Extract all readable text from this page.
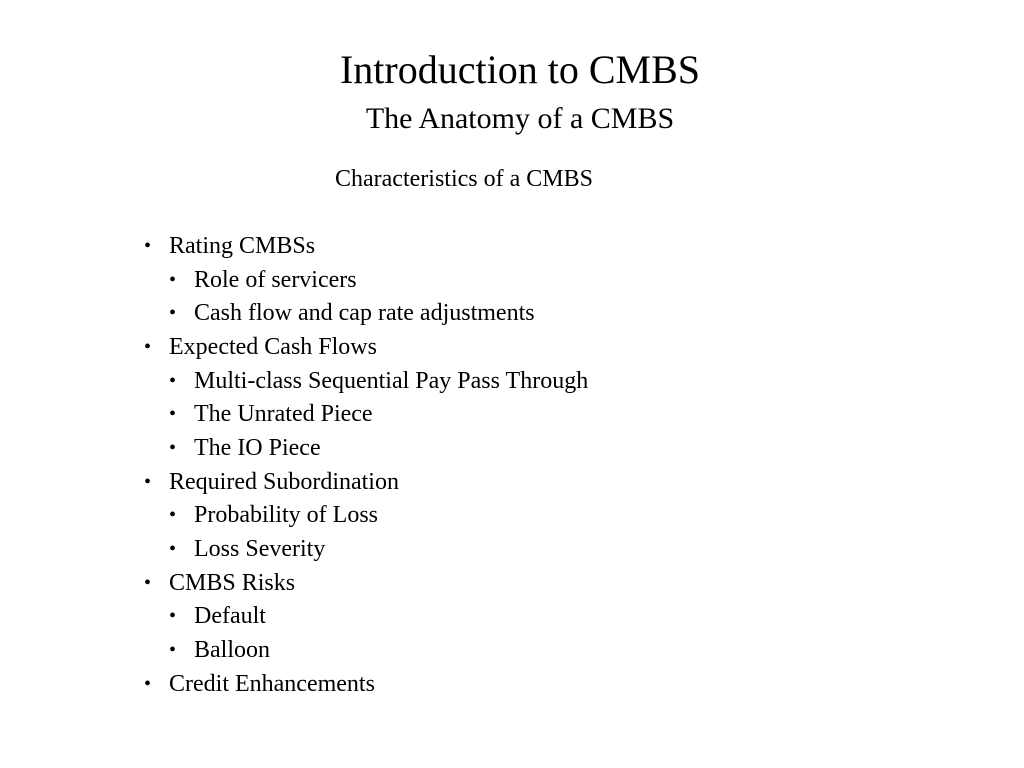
Introduction to CMBS
The Anatomy of a CMBS
Characteristics of a CMBS
• Rating CMBSs
• Role of servicers
• Cash flow and cap rate adjustments
• Expected Cash Flows
• Multi-class Sequential Pay Pass Through
• The Unrated Piece
• The IO Piece
• Required Subordination
• Probability of Loss
• Loss Severity
• CMBS Risks
• Default
• Balloon
• Credit Enhancements
